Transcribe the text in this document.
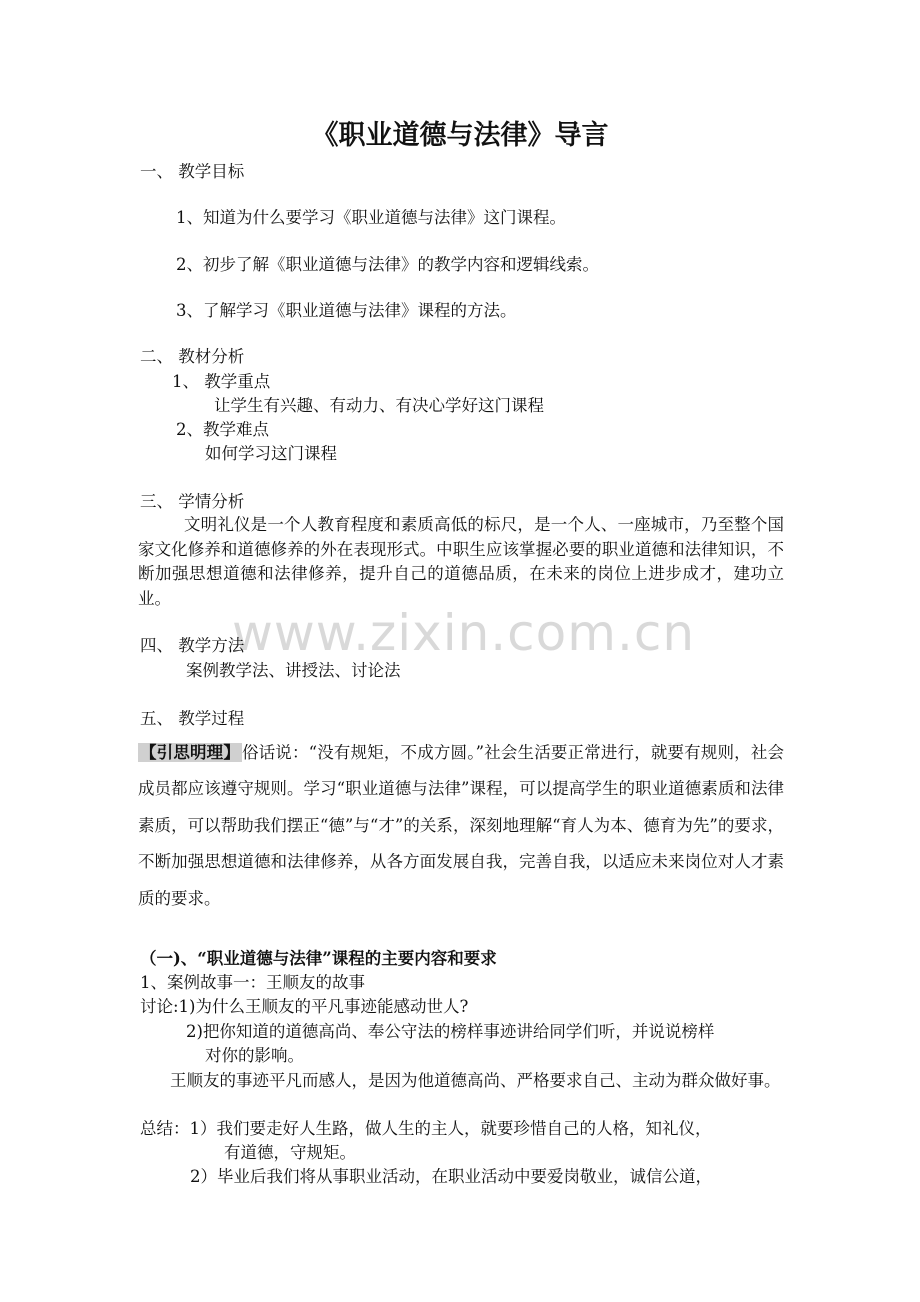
www.zixin.com.cn
《职业道德与法律》导言
一、 教学目标
1、知道为什么要学习《职业道德与法律》这门课程。
2、初步了解《职业道德与法律》的教学内容和逻辑线索。
3、了解学习《职业道德与法律》课程的方法。
二、 教材分析
1、 教学重点
让学生有兴趣、有动力、有决心学好这门课程
2、教学难点
如何学习这门课程
三、 学情分析
文明礼仪是一个人教育程度和素质高低的标尺，是一个人、一座城市，乃至整个国家文化修养和道德修养的外在表现形式。中职生应该掌握必要的职业道德和法律知识，不断加强思想道德和法律修养，提升自己的道德品质，在未来的岗位上进步成才，建功立业。
四、 教学方法
案例教学法、讲授法、讨论法
五、 教学过程
【引思明理】 俗话说：“没有规矩，不成方圆。”社会生活要正常进行，就要有规则，社会成员都应该遵守规则。学习“职业道德与法律”课程，可以提高学生的职业道德素质和法律素质，可以帮助我们摆正“德”与“才”的关系，深刻地理解“育人为本、德育为先”的要求，不断加强思想道德和法律修养，从各方面发展自我，完善自我，以适应未来岗位对人才素质的要求。
（一)、“职业道德与法律”课程的主要内容和要求
1、案例故事一：王顺友的故事
讨论:1)为什么王顺友的平凡事迹能感动世人?
2)把你知道的道德高尚、奉公守法的榜样事迹讲给同学们听，并说说榜样
对你的影响。
王顺友的事迹平凡而感人，是因为他道德高尚、严格要求自己、主动为群众做好事。
总结：1）我们要走好人生路，做人生的主人，就要珍惜自己的人格，知礼仪，
有道德，守规矩。
2）毕业后我们将从事职业活动，在职业活动中要爱岗敬业，诚信公道，
